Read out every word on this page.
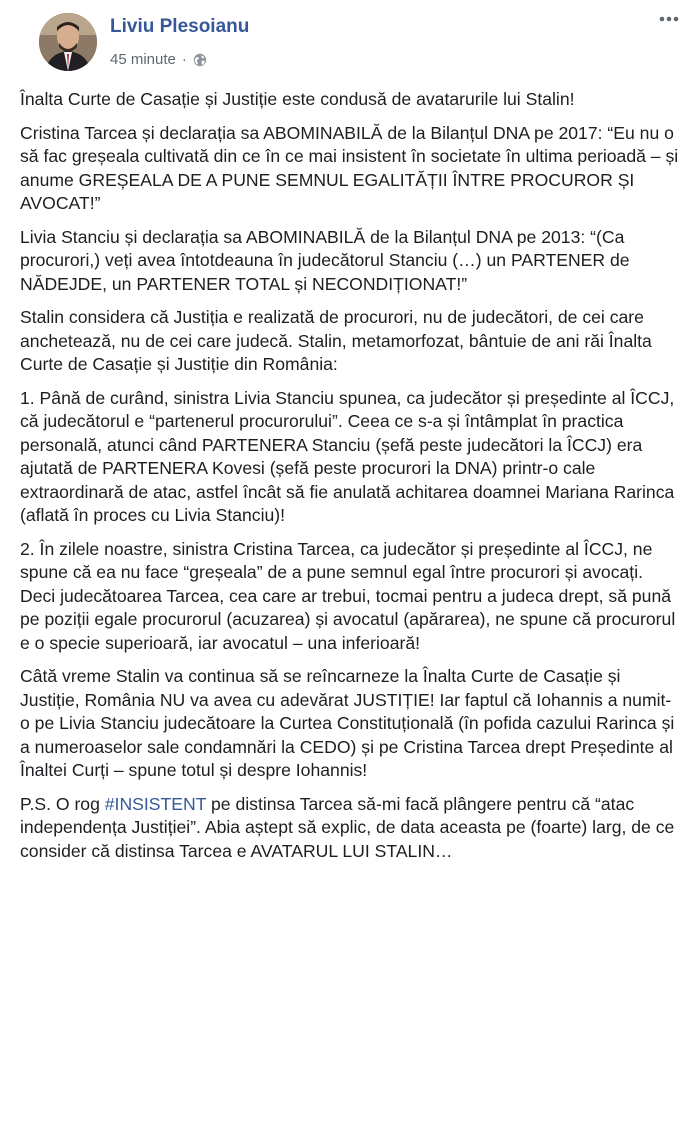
Liviu Plesoianu
45 minute ·

Înalta Curte de Casație și Justiție este condusă de avatarurile lui Stalin!

Cristina Tarcea și declarația sa ABOMINABILĂ de la Bilanțul DNA pe 2017: “Eu nu o să fac greșeala cultivată din ce în ce mai insistent în societate în ultima perioadă – și anume GREȘEALA DE A PUNE SEMNUL EGALITĂȚII ÎNTRE PROCUROR ȘI AVOCAT!”

Livia Stanciu și declarația sa ABOMINABILĂ de la Bilanțul DNA pe 2013: “(Ca procurori,) veți avea întotdeauna în judecătorul Stanciu (…) un PARTENER de NĂDEJDE, un PARTENER TOTAL și NECONDIȚIONAT!”

Stalin considera că Justiția e realizată de procurori, nu de judecători, de cei care anchetează, nu de cei care judecă. Stalin, metamorfozat, bântuie de ani răi Înalta Curte de Casație și Justiție din România:

1. Până de curând, sinistra Livia Stanciu spunea, ca judecător și președinte al ÎCCJ, că judecătorul e “partenerul procurorului”. Ceea ce s-a și întâmplat în practica personală, atunci când PARTENERA Stanciu (șefă peste judecători la ÎCCJ) era ajutată de PARTENERA Kovesi (șefă peste procurori la DNA) printr-o cale extraordinară de atac, astfel încât să fie anulată achitarea doamnei Mariana Rarinca (aflată în proces cu Livia Stanciu)!

2. În zilele noastre, sinistra Cristina Tarcea, ca judecător și președinte al ÎCCJ, ne spune că ea nu face “greșeala” de a pune semnul egal între procurori și avocați. Deci judecătoarea Tarcea, cea care ar trebui, tocmai pentru a judeca drept, să pună pe poziții egale procurorul (acuzarea) și avocatul (apărarea), ne spune că procurorul e o specie superioară, iar avocatul – una inferioară!

Câtă vreme Stalin va continua să se reîncarneze la Înalta Curte de Casație și Justiție, România NU va avea cu adevărat JUSTIȚIE! Iar faptul că Iohannis a numit-o pe Livia Stanciu judecătoare la Curtea Constituțională (în pofida cazului Rarinca și a numeroaselor sale condamnări la CEDO) și pe Cristina Tarcea drept Președinte al Înaltei Curți – spune totul și despre Iohannis!

P.S. O rog #INSISTENT pe distinsa Tarcea să-mi facă plângere pentru că “atac independența Justiției”. Abia aștept să explic, de data aceasta pe (foarte) larg, de ce consider că distinsa Tarcea e AVATARUL LUI STALIN…
